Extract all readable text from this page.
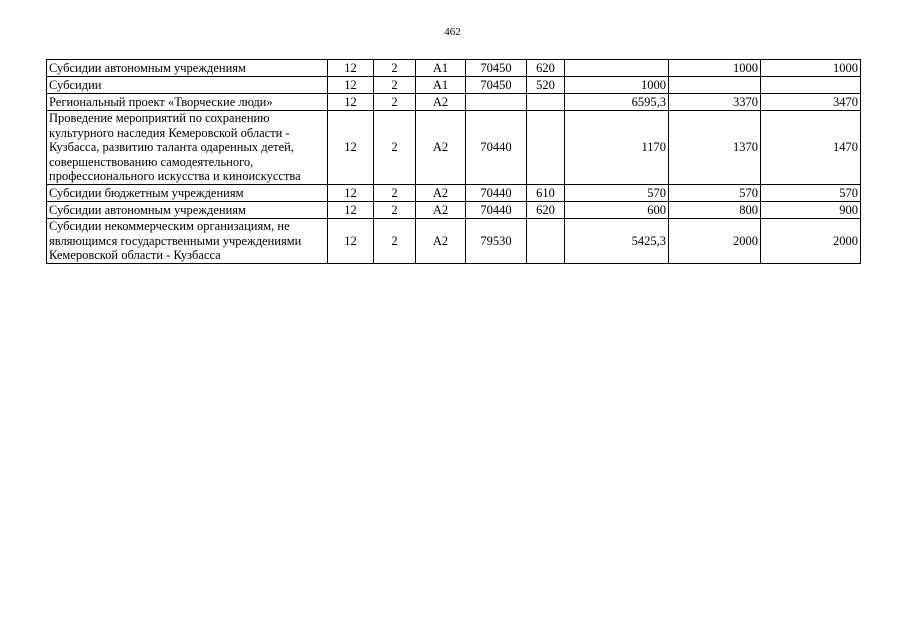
462
Субсидии автономным учреждениям	12	2	А1	70450	620		1000	1000
Субсидии	12	2	А1	70450	520	1000		
Региональный проект «Творческие люди»	12	2	А2			6595,3	3370	3470
Проведение мероприятий по сохранению культурного наследия Кемеровской области - Кузбасса, развитию таланта одаренных детей, совершенствованию самодеятельного, профессионального искусства и киноискусства	12	2	А2	70440		1170	1370	1470
Субсидии бюджетным учреждениям	12	2	А2	70440	610	570	570	570
Субсидии автономным учреждениям	12	2	А2	70440	620	600	800	900
Субсидии некоммерческим организациям, не являющимся государственными учреждениями Кемеровской области - Кузбасса	12	2	А2	79530		5425,3	2000	2000
